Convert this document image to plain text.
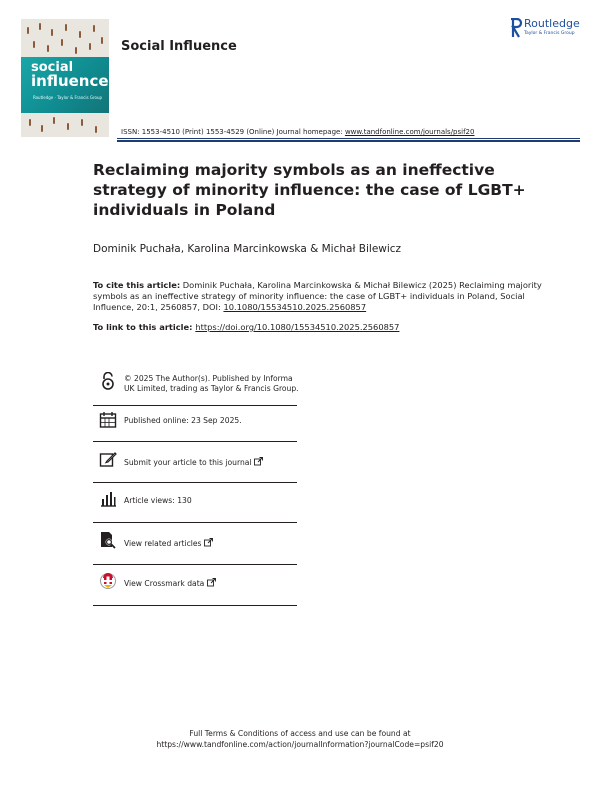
social
influence
Routledge · Taylor & Francis Group
Social Influence
Routledge
Taylor & Francis Group
ISSN: 1553-4510 (Print) 1553-4529 (Online) Journal homepage: www.tandfonline.com/journals/psif20
Reclaiming majority symbols as an ineffective strategy of minority influence: the case of LGBT+ individuals in Poland
Dominik Puchała, Karolina Marcinkowska & Michał Bilewicz
To cite this article: Dominik Puchała, Karolina Marcinkowska & Michał Bilewicz (2025) Reclaiming majority symbols as an ineffective strategy of minority influence: the case of LGBT+ individuals in Poland, Social Influence, 20:1, 2560857, DOI: 10.1080/15534510.2025.2560857
To link to this article: https://doi.org/10.1080/15534510.2025.2560857
© 2025 The Author(s). Published by Informa UK Limited, trading as Taylor & Francis Group.
Published online: 23 Sep 2025.
Submit your article to this journal
Article views: 130
View related articles
View Crossmark data
Full Terms & Conditions of access and use can be found at
https://www.tandfonline.com/action/journalInformation?journalCode=psif20
